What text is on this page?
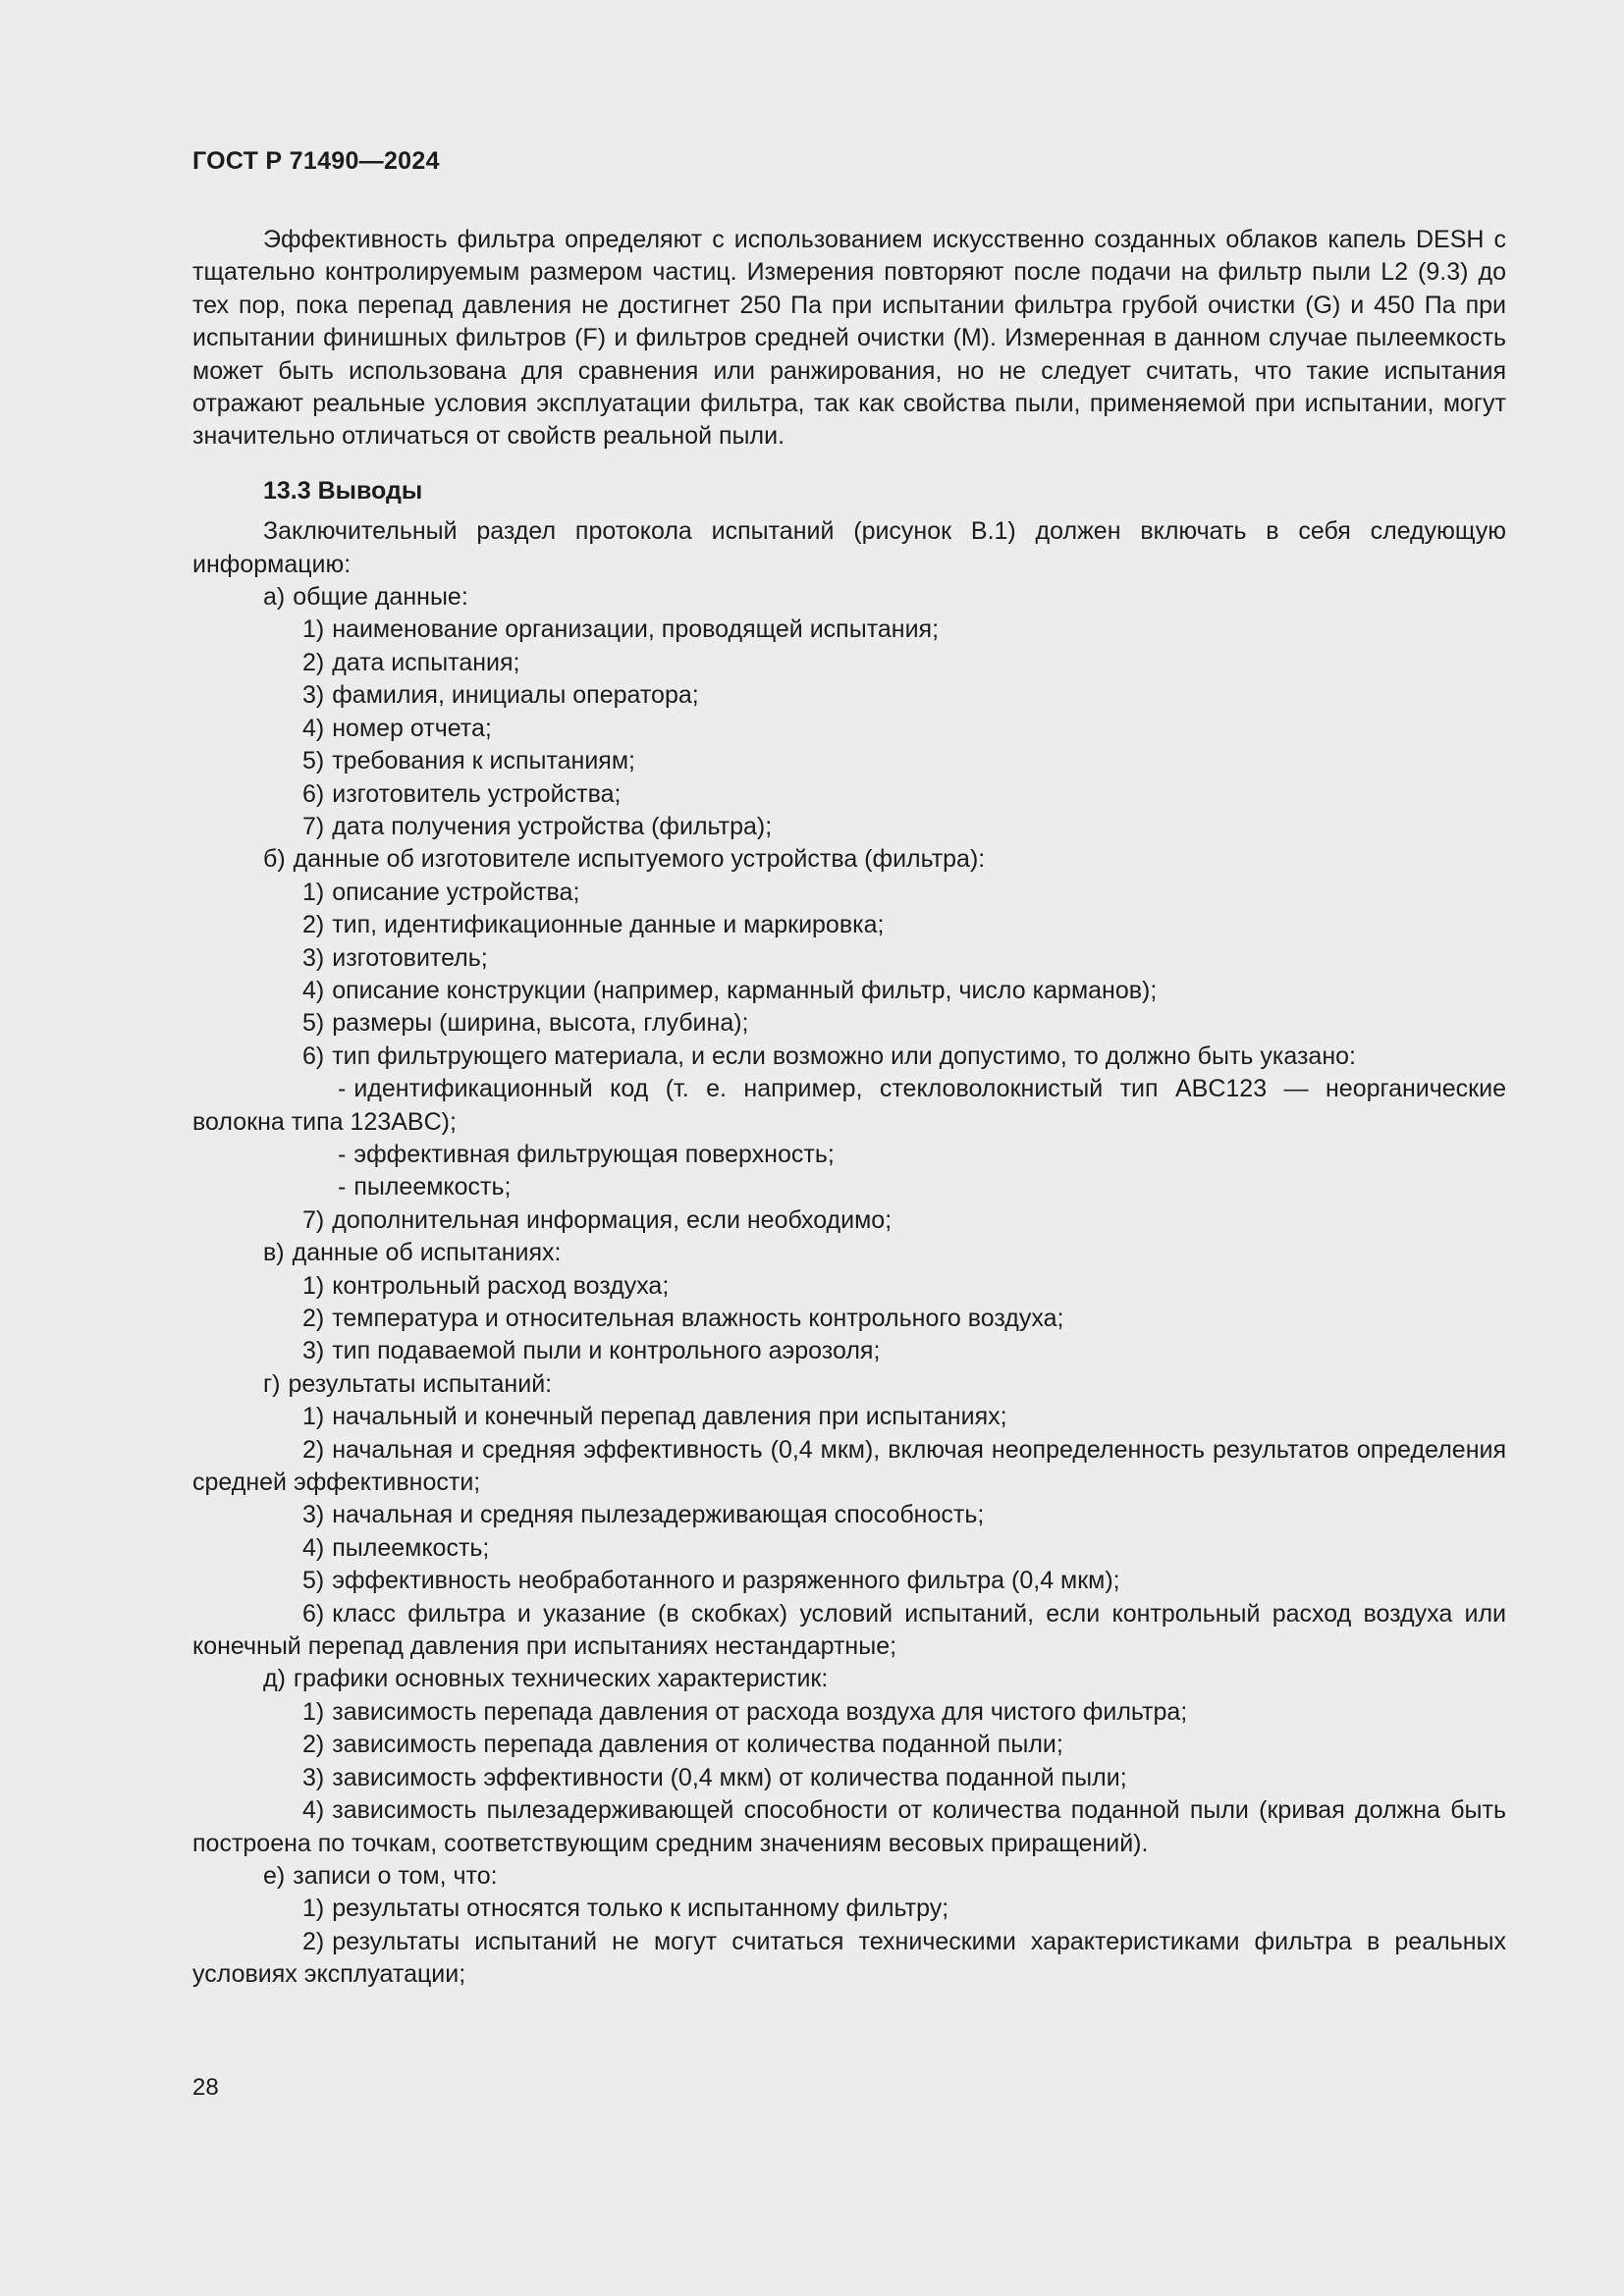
ГОСТ Р 71490—2024

Эффективность фильтра определяют с использованием искусственно созданных облаков капель DESH с тщательно контролируемым размером частиц. Измерения повторяют после подачи на фильтр пыли L2 (9.3) до тех пор, пока перепад давления не достигнет 250 Па при испытании фильтра грубой очистки (G) и 450 Па при испытании финишных фильтров (F) и фильтров средней очистки (M). Измеренная в данном случае пылеемкость может быть использована для сравнения или ранжирования, но не следует считать, что такие испытания отражают реальные условия эксплуатации фильтра, так как свойства пыли, применяемой при испытании, могут значительно отличаться от свойств реальной пыли.

13.3 Выводы

Заключительный раздел протокола испытаний (рисунок В.1) должен включать в себя следующую информацию:

а) общие данные:
1) наименование организации, проводящей испытания;
2) дата испытания;
3) фамилия, инициалы оператора;
4) номер отчета;
5) требования к испытаниям;
6) изготовитель устройства;
7) дата получения устройства (фильтра);
б) данные об изготовителе испытуемого устройства (фильтра):
1) описание устройства;
2) тип, идентификационные данные и маркировка;
3) изготовитель;
4) описание конструкции (например, карманный фильтр, число карманов);
5) размеры (ширина, высота, глубина);
6) тип фильтрующего материала, и если возможно или допустимо, то должно быть указано:
- идентификационный код (т. е. например, стекловолокнистый тип ABC123 — неорганические волокна типа 123ABC);
- эффективная фильтрующая поверхность;
- пылеемкость;
7) дополнительная информация, если необходимо;
в) данные об испытаниях:
1) контрольный расход воздуха;
2) температура и относительная влажность контрольного воздуха;
3) тип подаваемой пыли и контрольного аэрозоля;
г) результаты испытаний:
1) начальный и конечный перепад давления при испытаниях;
2) начальная и средняя эффективность (0,4 мкм), включая неопределенность результатов определения средней эффективности;
3) начальная и средняя пылезадерживающая способность;
4) пылеемкость;
5) эффективность необработанного и разряженного фильтра (0,4 мкм);
6) класс фильтра и указание (в скобках) условий испытаний, если контрольный расход воздуха или конечный перепад давления при испытаниях нестандартные;
д) графики основных технических характеристик:
1) зависимость перепада давления от расхода воздуха для чистого фильтра;
2) зависимость перепада давления от количества поданной пыли;
3) зависимость эффективности (0,4 мкм) от количества поданной пыли;
4) зависимость пылезадерживающей способности от количества поданной пыли (кривая должна быть построена по точкам, соответствующим средним значениям весовых приращений).
е) записи о том, что:
1) результаты относятся только к испытанному фильтру;
2) результаты испытаний не могут считаться техническими характеристиками фильтра в реальных условиях эксплуатации;
28
